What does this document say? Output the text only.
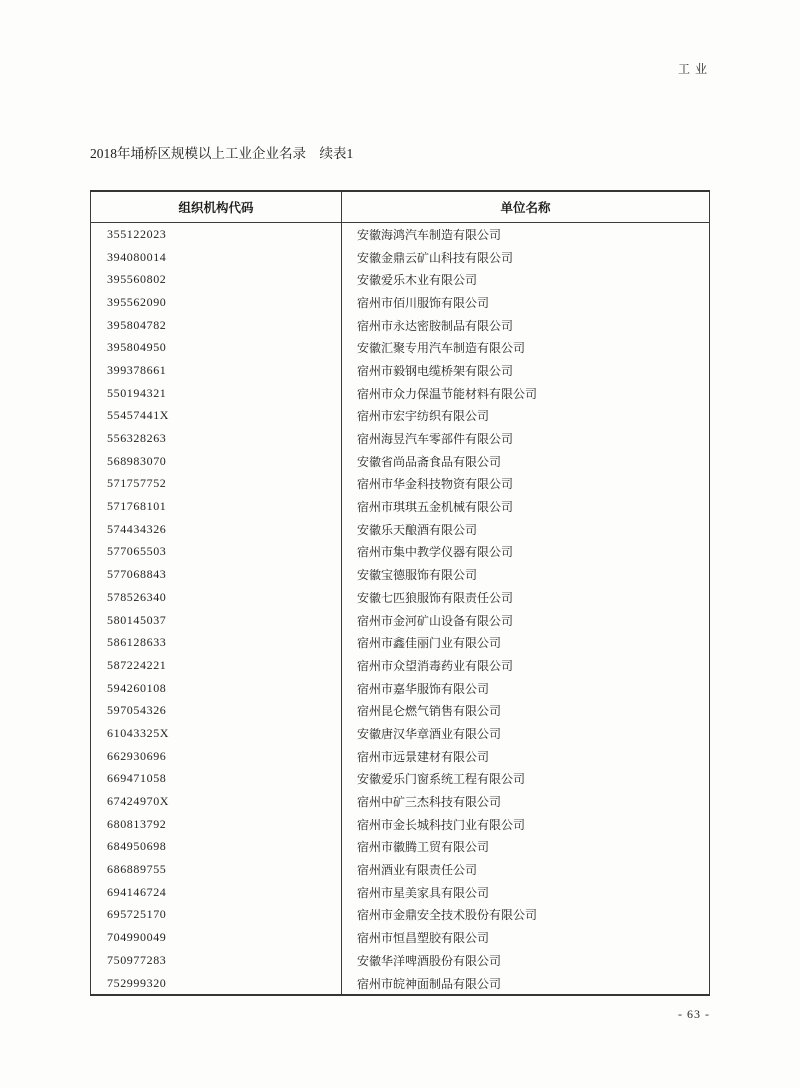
工业
2018年埇桥区规模以上工业企业名录　续表1
组织机构代码	单位名称
355122023	安徽海鸿汽车制造有限公司
394080014	安徽金鼎云矿山科技有限公司
395560802	安徽爱乐木业有限公司
395562090	宿州市佰川服饰有限公司
395804782	宿州市永达密胺制品有限公司
395804950	安徽汇聚专用汽车制造有限公司
399378661	宿州市毅钢电缆桥架有限公司
550194321	宿州市众力保温节能材料有限公司
55457441X	宿州市宏宇纺织有限公司
556328263	宿州海昱汽车零部件有限公司
568983070	安徽省尚品斋食品有限公司
571757752	宿州市华金科技物资有限公司
571768101	宿州市琪琪五金机械有限公司
574434326	安徽乐天酿酒有限公司
577065503	宿州市集中教学仪器有限公司
577068843	安徽宝德服饰有限公司
578526340	安徽七匹狼服饰有限责任公司
580145037	宿州市金河矿山设备有限公司
586128633	宿州市鑫佳丽门业有限公司
587224221	宿州市众望消毒药业有限公司
594260108	宿州市嘉华服饰有限公司
597054326	宿州昆仑燃气销售有限公司
61043325X	安徽唐汉华章酒业有限公司
662930696	宿州市远景建材有限公司
669471058	安徽爱乐门窗系统工程有限公司
67424970X	宿州中矿三杰科技有限公司
680813792	宿州市金长城科技门业有限公司
684950698	宿州市徽腾工贸有限公司
686889755	宿州酒业有限责任公司
694146724	宿州市星美家具有限公司
695725170	宿州市金鼎安全技术股份有限公司
704990049	宿州市恒昌塑胶有限公司
750977283	安徽华洋啤酒股份有限公司
752999320	宿州市皖神面制品有限公司
- 63 -
